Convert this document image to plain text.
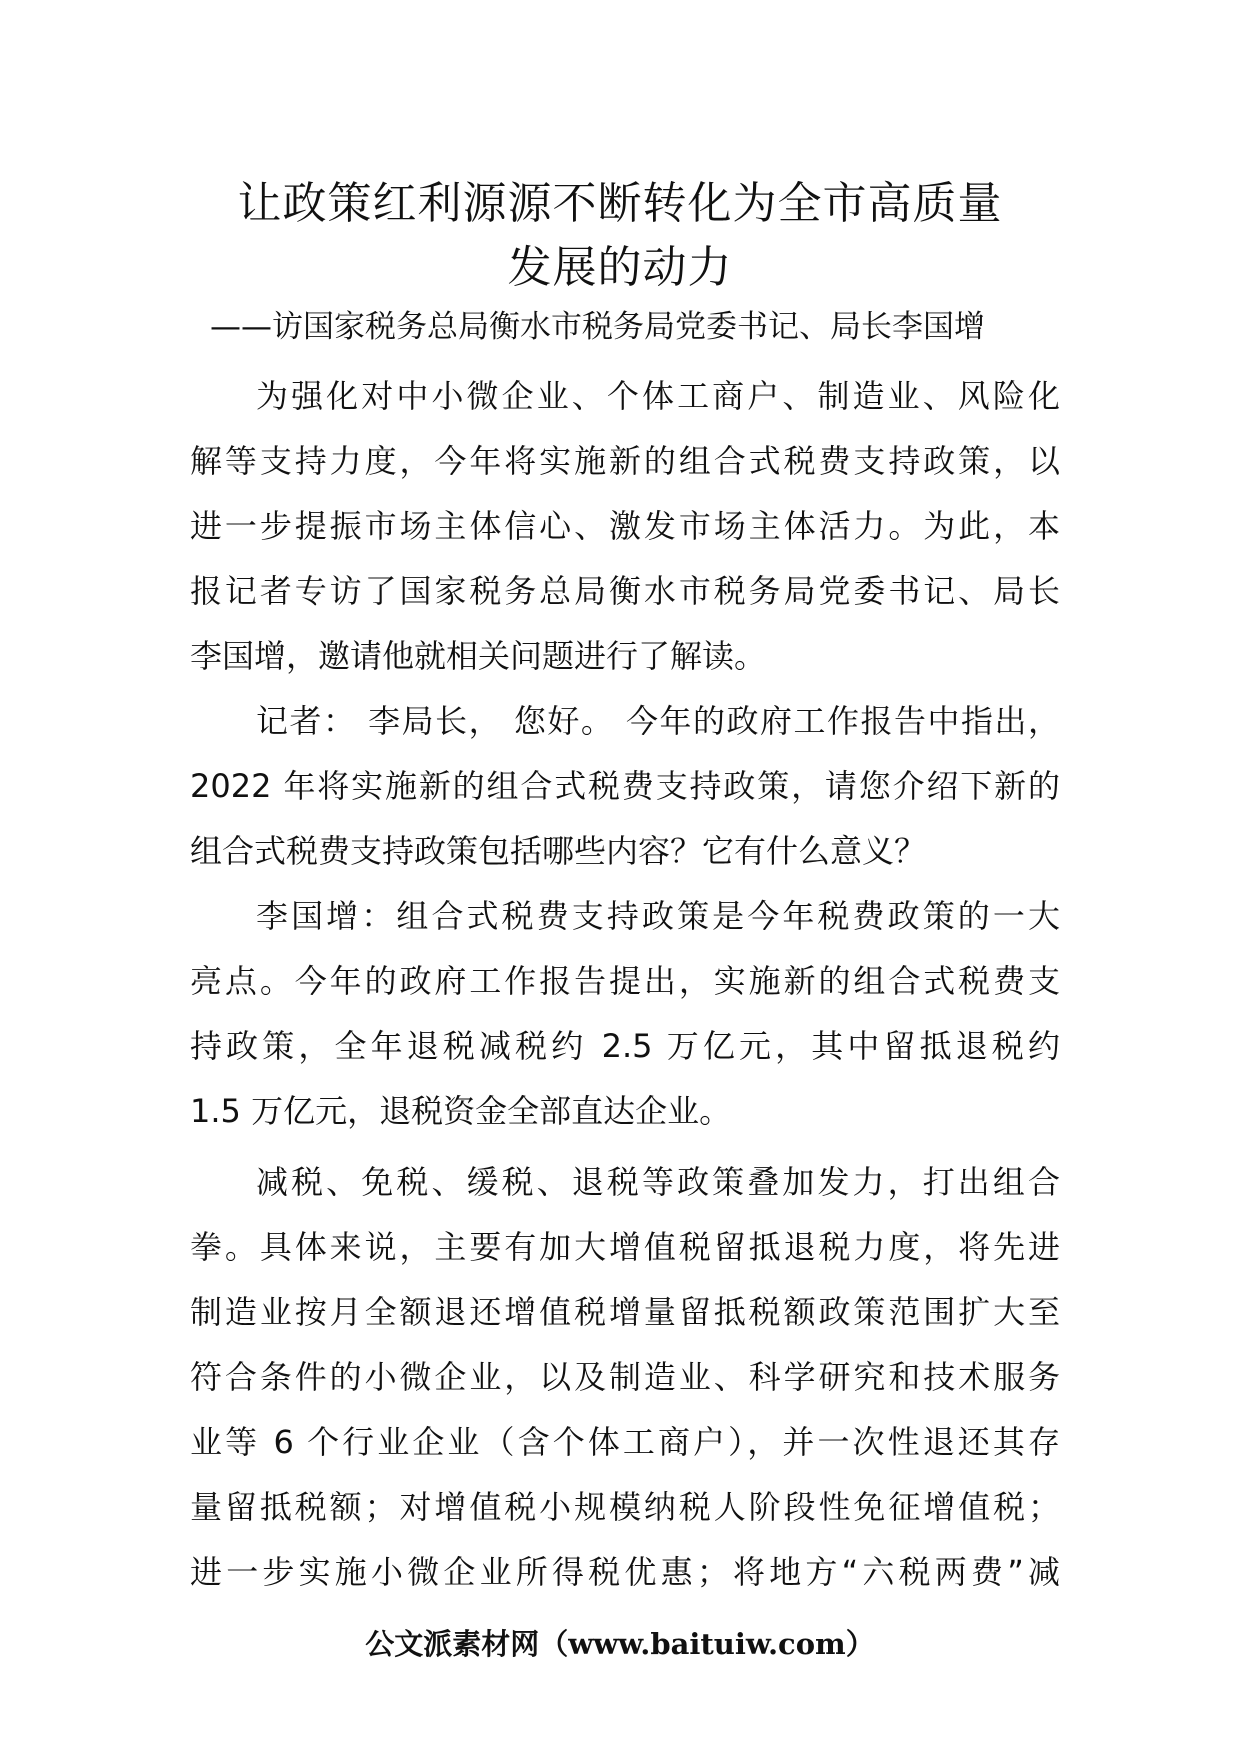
让政策红利源源不断转化为全市高质量
发展的动力
——访国家税务总局衡水市税务局党委书记、局长李国增
为强化对中小微企业、个体工商户、制造业、风险化
解等支持力度，今年将实施新的组合式税费支持政策，以
进一步提振市场主体信心、激发市场主体活力。为此，本
报记者专访了国家税务总局衡水市税务局党委书记、局长
李国增，邀请他就相关问题进行了解读。
记者： 李局长， 您好。 今年的政府工作报告中指出，
2022 年将实施新的组合式税费支持政策，请您介绍下新的
组合式税费支持政策包括哪些内容？它有什么意义？
李国增：组合式税费支持政策是今年税费政策的一大
亮点。今年的政府工作报告提出，实施新的组合式税费支
持政策，全年退税减税约 2.5 万亿元，其中留抵退税约
1.5 万亿元，退税资金全部直达企业。
减税、免税、缓税、退税等政策叠加发力，打出组合
拳。具体来说，主要有加大增值税留抵退税力度，将先进
制造业按月全额退还增值税增量留抵税额政策范围扩大至
符合条件的小微企业，以及制造业、科学研究和技术服务
业等 6 个行业企业（含个体工商户），并一次性退还其存
量留抵税额；对增值税小规模纳税人阶段性免征增值税；
进一步实施小微企业所得税优惠；将地方“六税两费”减
公文派素材网（www.baituiw.com）
